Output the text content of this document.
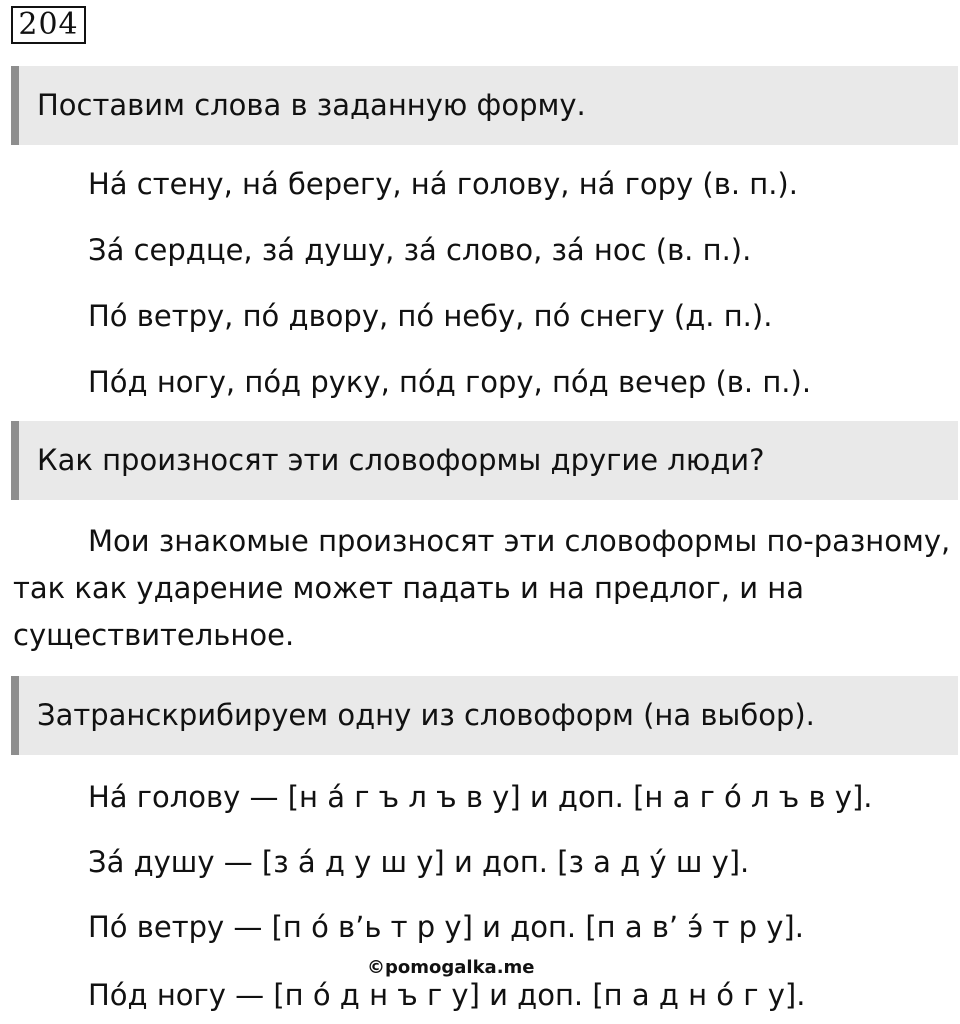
204
Поставим слова в заданную форму.
На́ стену, на́ берегу, на́ голову, на́ гору (в. п.).
За́ сердце, за́ душу, за́ слово, за́ нос (в. п.).
По́ ветру, по́ двору, по́ небу, по́ снегу (д. п.).
По́д ногу, по́д руку, по́д гору, по́д вечер (в. п.).
Как произносят эти словоформы другие люди?
Мои знакомые произносят эти словоформы по-разному, так как ударение может падать и на предлог, и на существительное.
Затранскрибируем одну из словоформ (на выбор).
На́ голову — [н а́ г ъ л ъ в у] и доп. [н а г о́ л ъ в у].
За́ душу — [з а́ д у ш у] и доп. [з а д у́ ш у].
По́ ветру — [п о́ в’ь т р у] и доп. [п а в’ э́ т р у].
По́д ногу — [п о́ д н ъ г у] и доп. [п а д н о́ г у].
©pomogalka.me
